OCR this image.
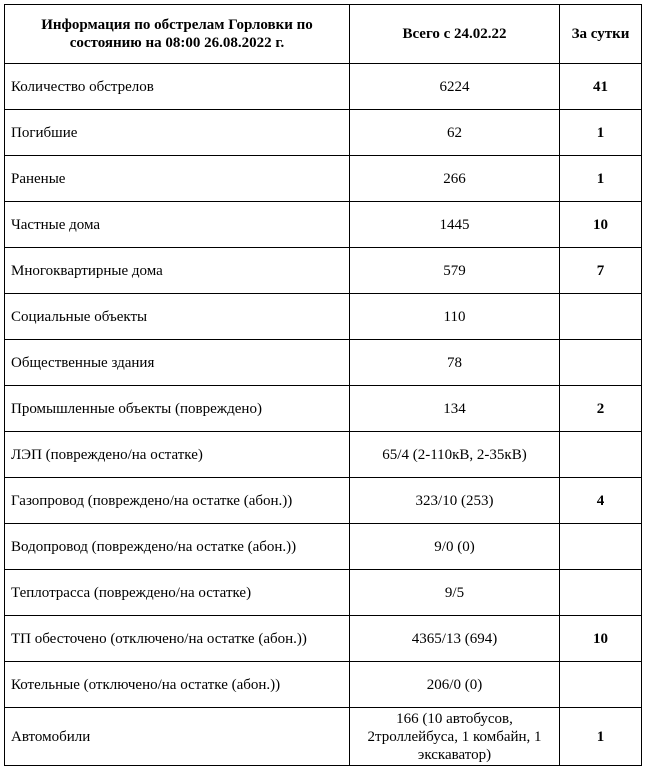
Информация по обстрелам Горловки по состоянию на 08:00 26.08.2022 г.	Всего с 24.02.22	За сутки
Количество обстрелов	6224	41
Погибшие	62	1
Раненые	266	1
Частные дома	1445	10
Многоквартирные дома	579	7
Социальные объекты	110	
Общественные здания	78	
Промышленные объекты (повреждено)	134	2
ЛЭП (повреждено/на остатке)	65/4 (2-110кВ, 2-35кВ)	
Газопровод (повреждено/на остатке (абон.))	323/10 (253)	4
Водопровод (повреждено/на остатке (абон.))	9/0 (0)	
Теплотрасса (повреждено/на остатке)	9/5	
ТП обесточено (отключено/на остатке (абон.))	4365/13 (694)	10
Котельные (отключено/на остатке (абон.))	206/0 (0)	
Автомобили	166 (10 автобусов, 2троллейбуса, 1 комбайн, 1 экскаватор)	1
